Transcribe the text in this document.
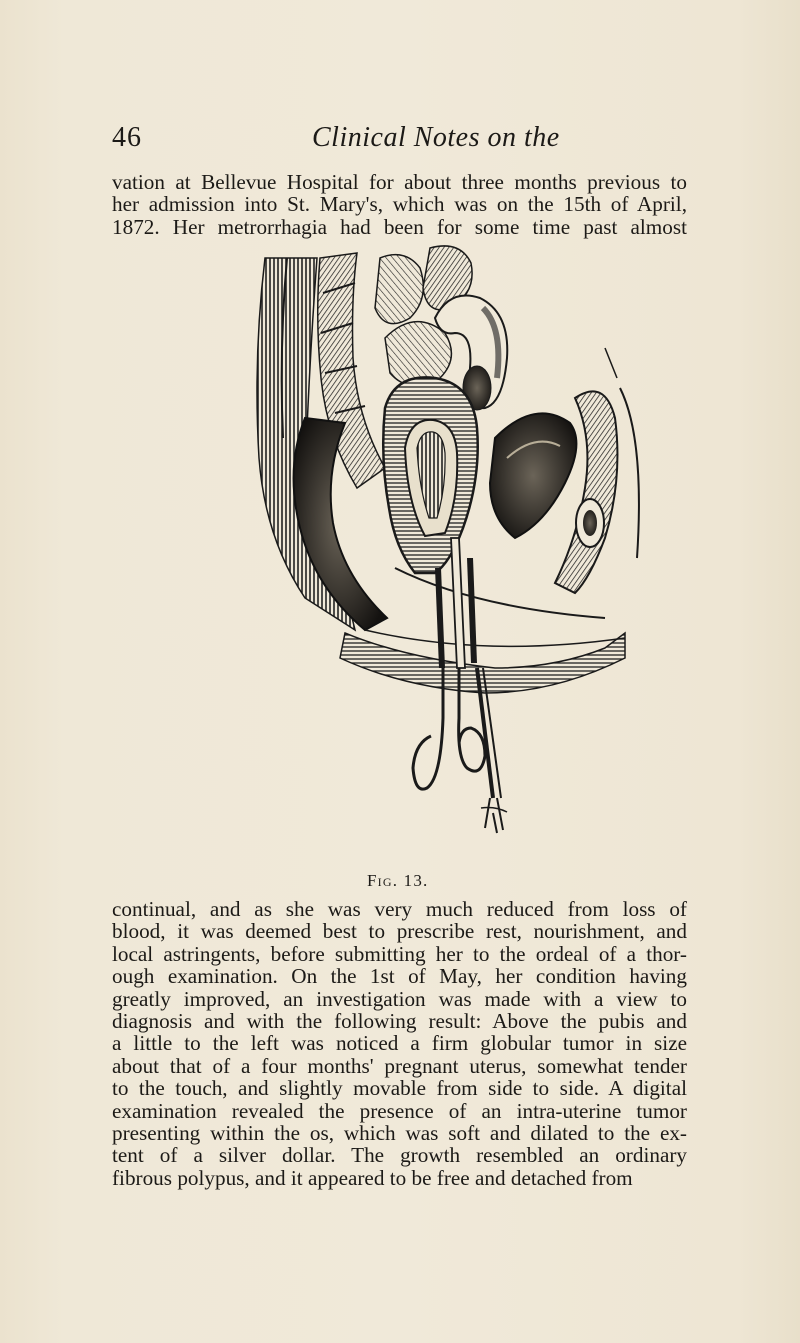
46	Clinical Notes on the
vation at Bellevue Hospital for about three months previous to
her admission into St. Mary's, which was on the 15th of April,
1872. Her metrorrhagia had been for some time past almost
Fig. 13.
continual, and as she was very much reduced from loss of
blood, it was deemed best to prescribe rest, nourishment, and
local astringents, before submitting her to the ordeal of a thor-
ough examination. On the 1st of May, her condition having
greatly improved, an investigation was made with a view to
diagnosis and with the following result: Above the pubis and
a little to the left was noticed a firm globular tumor in size
about that of a four months' pregnant uterus, somewhat tender
to the touch, and slightly movable from side to side. A digital
examination revealed the presence of an intra-uterine tumor
presenting within the os, which was soft and dilated to the ex-
tent of a silver dollar. The growth resembled an ordinary
fibrous polypus, and it appeared to be free and detached from
